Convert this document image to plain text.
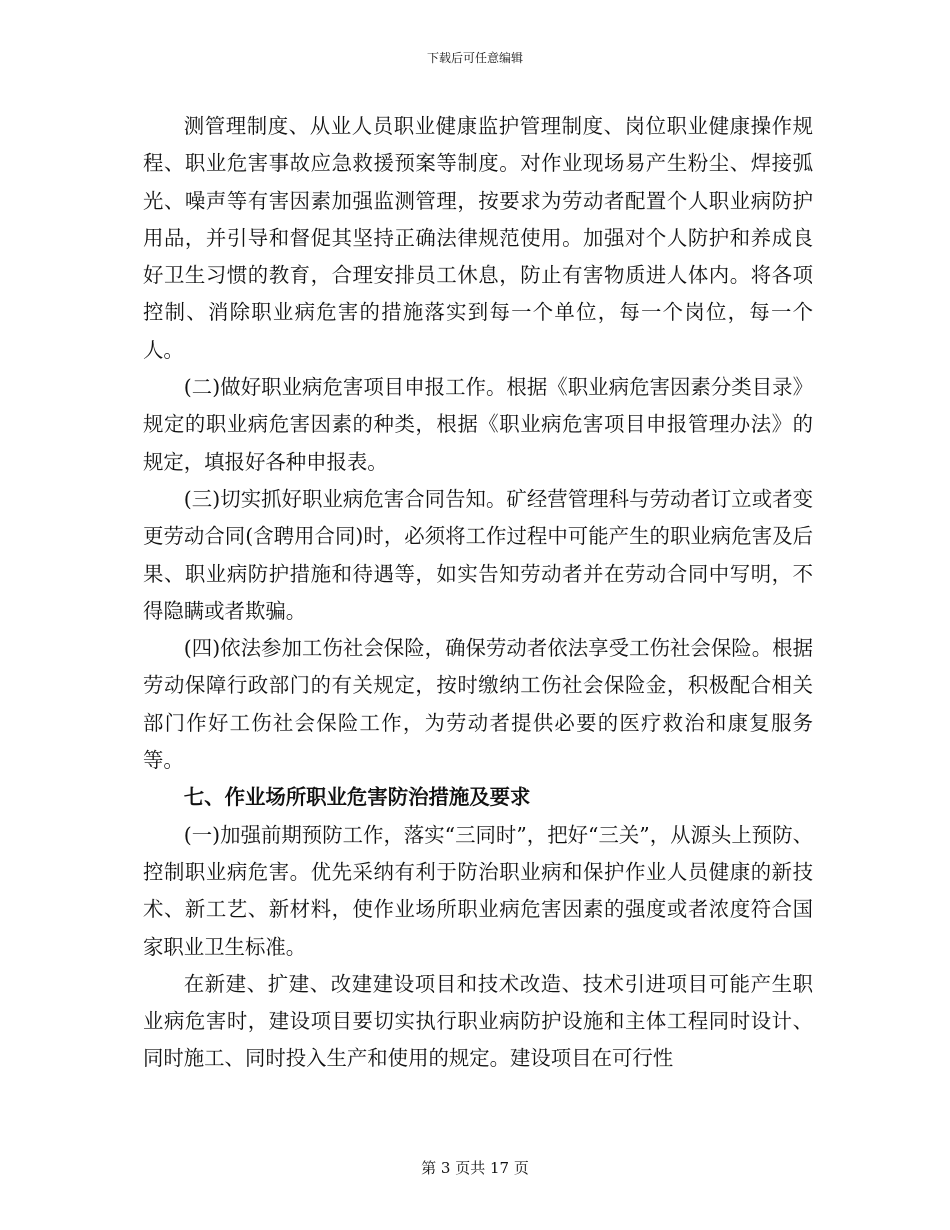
下载后可任意编辑

测管理制度、从业人员职业健康监护管理制度、岗位职业健康操作规程、职业危害事故应急救援预案等制度。对作业现场易产生粉尘、焊接弧光、噪声等有害因素加强监测管理，按要求为劳动者配置个人职业病防护用品，并引导和督促其坚持正确法律规范使用。加强对个人防护和养成良好卫生习惯的教育，合理安排员工休息，防止有害物质进人体内。将各项控制、消除职业病危害的措施落实到每一个单位，每一个岗位，每一个人。

(二)做好职业病危害项目申报工作。根据《职业病危害因素分类目录》规定的职业病危害因素的种类，根据《职业病危害项目申报管理办法》的规定，填报好各种申报表。

(三)切实抓好职业病危害合同告知。矿经营管理科与劳动者订立或者变更劳动合同(含聘用合同)时，必须将工作过程中可能产生的职业病危害及后果、职业病防护措施和待遇等，如实告知劳动者并在劳动合同中写明，不得隐瞒或者欺骗。

(四)依法参加工伤社会保险，确保劳动者依法享受工伤社会保险。根据劳动保障行政部门的有关规定，按时缴纳工伤社会保险金，积极配合相关部门作好工伤社会保险工作，为劳动者提供必要的医疗救治和康复服务等。

七、作业场所职业危害防治措施及要求

(一)加强前期预防工作，落实“三同时”，把好“三关”，从源头上预防、控制职业病危害。优先采纳有利于防治职业病和保护作业人员健康的新技术、新工艺、新材料，使作业场所职业病危害因素的强度或者浓度符合国家职业卫生标准。

在新建、扩建、改建建设项目和技术改造、技术引进项目可能产生职业病危害时，建设项目要切实执行职业病防护设施和主体工程同时设计、同时施工、同时投入生产和使用的规定。建设项目在可行性

第 3 页共 17 页
